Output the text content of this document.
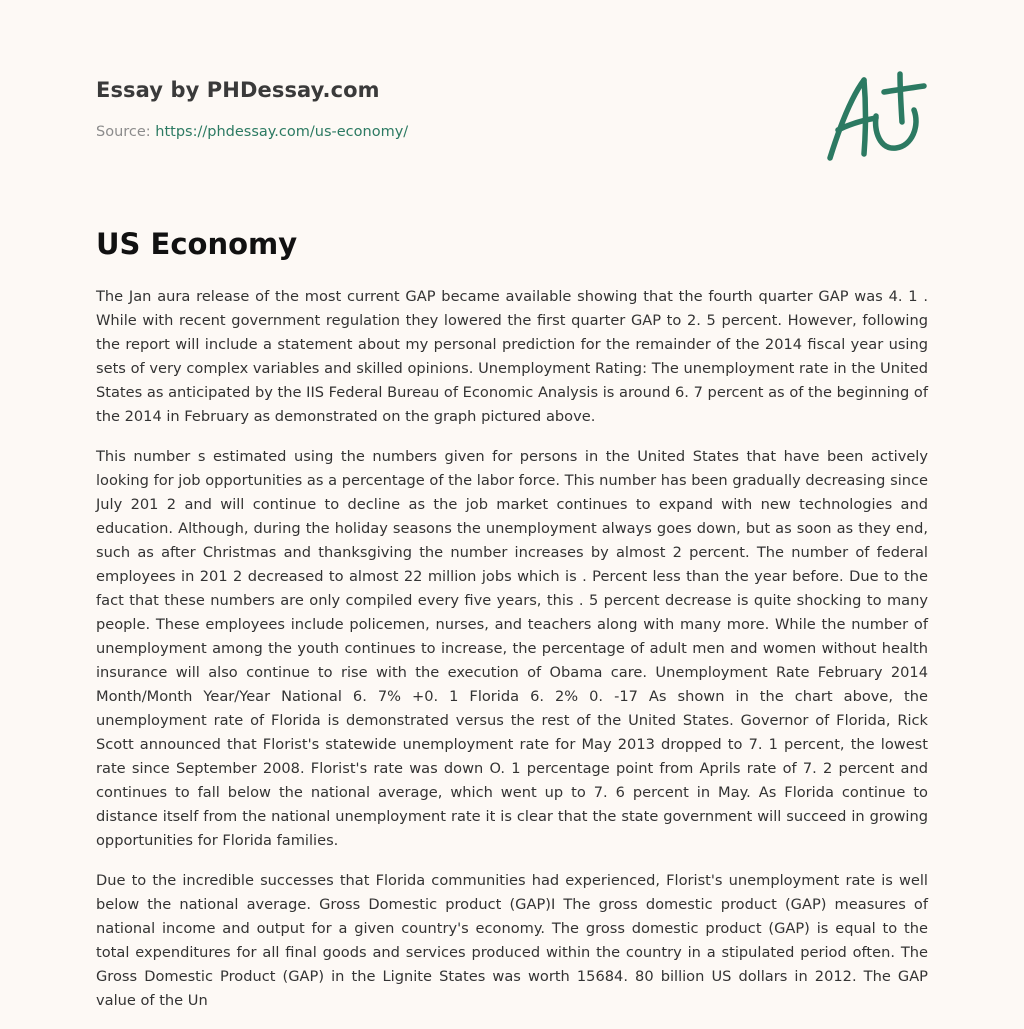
Essay by PHDessay.com

Source: https://phdessay.com/us-economy/
US Economy

The Jan aura release of the most current GAP became available showing that the fourth quarter GAP was 4. 1 . While with recent government regulation they lowered the first quarter GAP to 2. 5 percent. However, following the report will include a statement about my personal prediction for the remainder of the 2014 fiscal year using sets of very complex variables and skilled opinions. Unemployment Rating: The unemployment rate in the United States as anticipated by the IIS Federal Bureau of Economic Analysis is around 6. 7 percent as of the beginning of the 2014 in February as demonstrated on the graph pictured above.

This number s estimated using the numbers given for persons in the United States that have been actively looking for job opportunities as a percentage of the labor force. This number has been gradually decreasing since July 201 2 and will continue to decline as the job market continues to expand with new technologies and education. Although, during the holiday seasons the unemployment always goes down, but as soon as they end, such as after Christmas and thanksgiving the number increases by almost 2 percent. The number of federal employees in 201 2 decreased to almost 22 million jobs which is . Percent less than the year before. Due to the fact that these numbers are only compiled every five years, this . 5 percent decrease is quite shocking to many people. These employees include policemen, nurses, and teachers along with many more. While the number of unemployment among the youth continues to increase, the percentage of adult men and women without health insurance will also continue to rise with the execution of Obama care. Unemployment Rate February 2014 Month/Month Year/Year National 6. 7% +0. 1 Florida 6. 2% 0. -17 As shown in the chart above, the unemployment rate of Florida is demonstrated versus the rest of the United States. Governor of Florida, Rick Scott announced that Florist's statewide unemployment rate for May 2013 dropped to 7. 1 percent, the lowest rate since September 2008. Florist's rate was down O. 1 percentage point from Aprils rate of 7. 2 percent and continues to fall below the national average, which went up to 7. 6 percent in May. As Florida continue to distance itself from the national unemployment rate it is clear that the state government will succeed in growing opportunities for Florida families.

Due to the incredible successes that Florida communities had experienced, Florist's unemployment rate is well below the national average. Gross Domestic product (GAP)I The gross domestic product (GAP) measures of national income and output for a given country's economy. The gross domestic product (GAP) is equal to the total expenditures for all final goods and services produced within the country in a stipulated period often. The Gross Domestic Product (GAP) in the Lignite States was worth 15684. 80 billion US dollars in 2012. The GAP value of the Un
